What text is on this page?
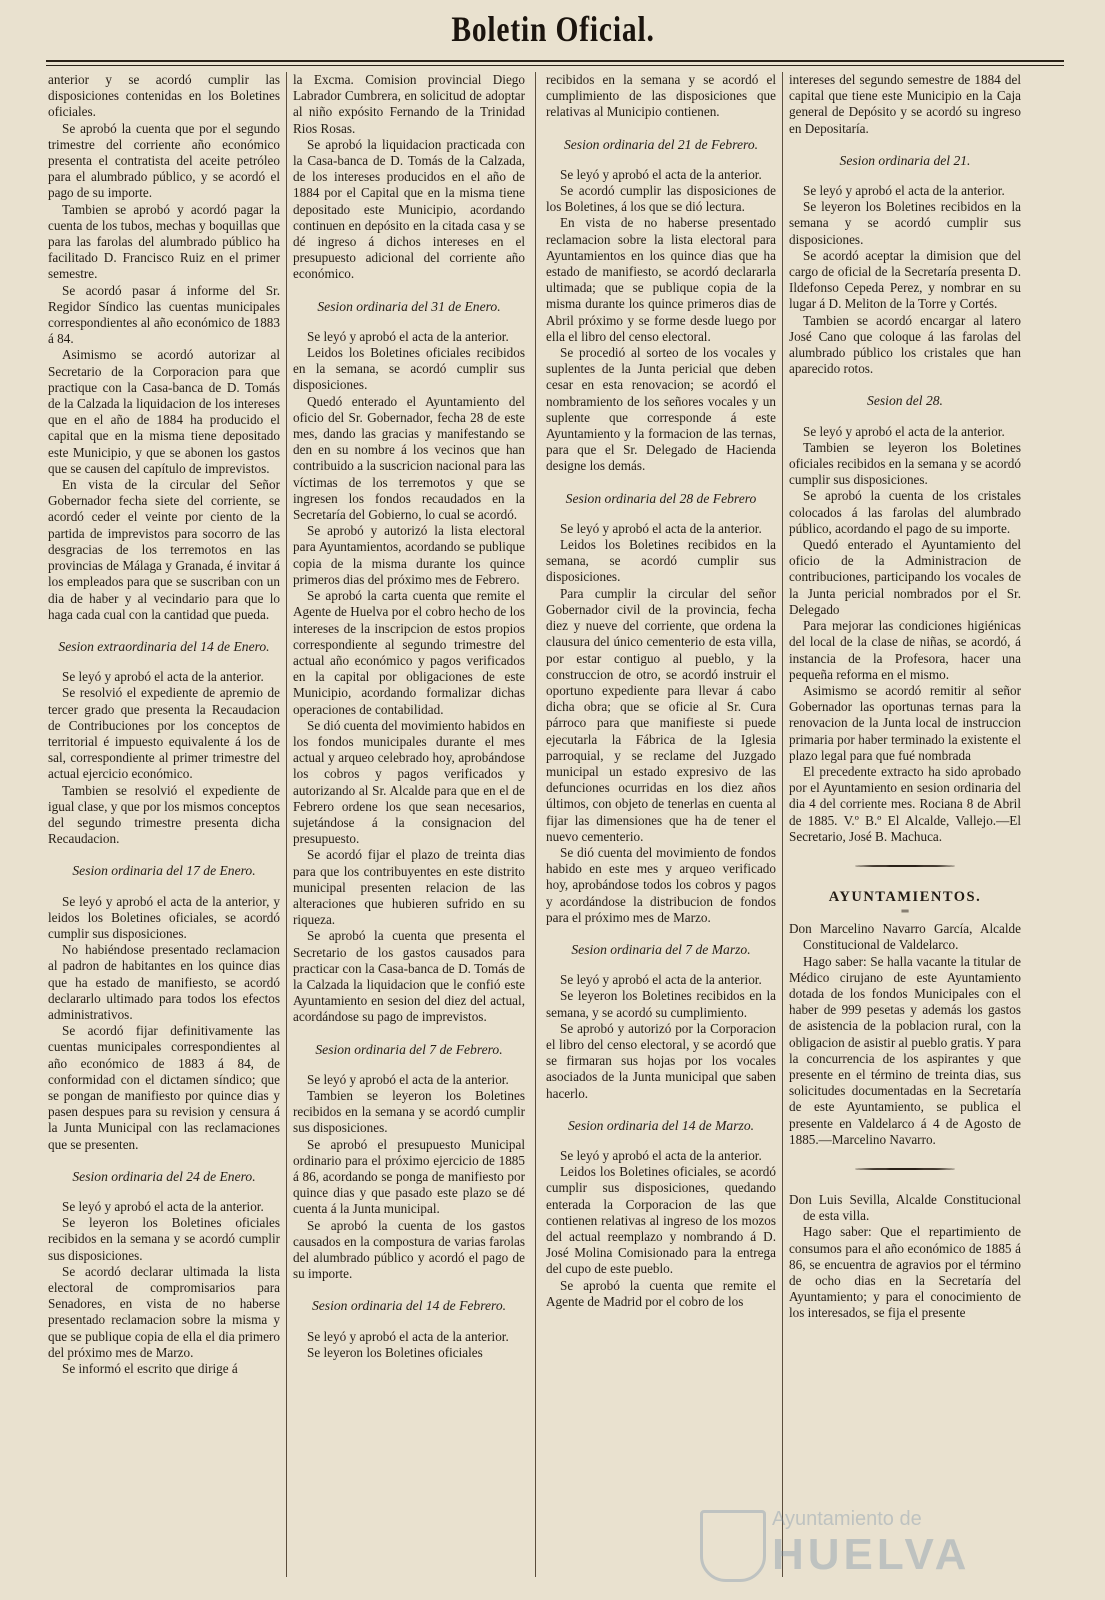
Boletin Oficial.

anterior y se acordó cumplir las disposiciones contenidas en los Boletines oficiales.

Se aprobó la cuenta que por el segundo trimestre del corriente año económico presenta el contratista del aceite petróleo para el alumbrado público, y se acordó el pago de su importe.

Tambien se aprobó y acordó pagar la cuenta de los tubos, mechas y boquillas que para las farolas del alumbrado público ha facilitado D. Francisco Ruiz en el primer semestre.

Se acordó pasar á informe del Sr. Regidor Síndico las cuentas municipales correspondientes al año económico de 1883 á 84.

Asimismo se acordó autorizar al Secretario de la Corporacion para que practique con la Casa-banca de D. Tomás de la Calzada la liquidacion de los intereses que en el año de 1884 ha producido el capital que en la misma tiene depositado este Municipio, y que se abonen los gastos que se causen del capítulo de imprevistos.

En vista de la circular del Señor Gobernador fecha siete del corriente, se acordó ceder el veinte por ciento de la partida de imprevistos para socorro de las desgracias de los terremotos en las provincias de Málaga y Granada, é invitar á los empleados para que se suscriban con un dia de haber y al vecindario para que lo haga cada cual con la cantidad que pueda.

Sesion extraordinaria del 14 de Enero.

Se leyó y aprobó el acta de la anterior.

Se resolvió el expediente de apremio de tercer grado que presenta la Recaudacion de Contribuciones por los conceptos de territorial é impuesto equivalente á los de sal, correspondiente al primer trimestre del actual ejercicio económico.

Tambien se resolvió el expediente de igual clase, y que por los mismos conceptos del segundo trimestre presenta dicha Recaudacion.

Sesion ordinaria del 17 de Enero.

Se leyó y aprobó el acta de la anterior, y leidos los Boletines oficiales, se acordó cumplir sus disposiciones.

No habiéndose presentado reclamacion al padron de habitantes en los quince dias que ha estado de manifiesto, se acordó declararlo ultimado para todos los efectos administrativos.

Se acordó fijar definitivamente las cuentas municipales correspondientes al año económico de 1883 á 84, de conformidad con el dictamen síndico; que se pongan de manifiesto por quince dias y pasen despues para su revision y censura á la Junta Municipal con las reclamaciones que se presenten.

Sesion ordinaria del 24 de Enero.

Se leyó y aprobó el acta de la anterior.

Se leyeron los Boletines oficiales recibidos en la semana y se acordó cumplir sus disposiciones.

Se acordó declarar ultimada la lista electoral de compromisarios para Senadores, en vista de no haberse presentado reclamacion sobre la misma y que se publique copia de ella el dia primero del próximo mes de Marzo.

Se informó el escrito que dirige á

la Excma. Comision provincial Diego Labrador Cumbrera, en solicitud de adoptar al niño expósito Fernando de la Trinidad Rios Rosas.

Se aprobó la liquidacion practicada con la Casa-banca de D. Tomás de la Calzada, de los intereses producidos en el año de 1884 por el Capital que en la misma tiene depositado este Municipio, acordando continuen en depósito en la citada casa y se dé ingreso á dichos intereses en el presupuesto adicional del corriente año económico.

Sesion ordinaria del 31 de Enero.

Se leyó y aprobó el acta de la anterior.

Leidos los Boletines oficiales recibidos en la semana, se acordó cumplir sus disposiciones.

Quedó enterado el Ayuntamiento del oficio del Sr. Gobernador, fecha 28 de este mes, dando las gracias y manifestando se den en su nombre á los vecinos que han contribuido a la suscricion nacional para las víctimas de los terremotos y que se ingresen los fondos recaudados en la Secretaría del Gobierno, lo cual se acordó.

Se aprobó y autorizó la lista electoral para Ayuntamientos, acordando se publique copia de la misma durante los quince primeros dias del próximo mes de Febrero.

Se aprobó la carta cuenta que remite el Agente de Huelva por el cobro hecho de los intereses de la inscripcion de estos propios correspondiente al segundo trimestre del actual año económico y pagos verificados en la capital por obligaciones de este Municipio, acordando formalizar dichas operaciones de contabilidad.

Se dió cuenta del movimiento habidos en los fondos municipales durante el mes actual y arqueo celebrado hoy, aprobándose los cobros y pagos verificados y autorizando al Sr. Alcalde para que en el de Febrero ordene los que sean necesarios, sujetándose á la consignacion del presupuesto.

Se acordó fijar el plazo de treinta dias para que los contribuyentes en este distrito municipal presenten relacion de las alteraciones que hubieren sufrido en su riqueza.

Se aprobó la cuenta que presenta el Secretario de los gastos causados para practicar con la Casa-banca de D. Tomás de la Calzada la liquidacion que le confió este Ayuntamiento en sesion del diez del actual, acordándose su pago de imprevistos.

Sesion ordinaria del 7 de Febrero.

Se leyó y aprobó el acta de la anterior.

Tambien se leyeron los Boletines recibidos en la semana y se acordó cumplir sus disposiciones.

Se aprobó el presupuesto Municipal ordinario para el próximo ejercicio de 1885 á 86, acordando se ponga de manifiesto por quince dias y que pasado este plazo se dé cuenta á la Junta municipal.

Se aprobó la cuenta de los gastos causados en la compostura de varias farolas del alumbrado público y acordó el pago de su importe.

Sesion ordinaria del 14 de Febrero.

Se leyó y aprobó el acta de la anterior.

Se leyeron los Boletines oficiales

recibidos en la semana y se acordó el cumplimiento de las disposiciones que relativas al Municipio contienen.

Sesion ordinaria del 21 de Febrero.

Se leyó y aprobó el acta de la anterior.

Se acordó cumplir las disposiciones de los Boletines, á los que se dió lectura.

En vista de no haberse presentado reclamacion sobre la lista electoral para Ayuntamientos en los quince dias que ha estado de manifiesto, se acordó declararla ultimada; que se publique copia de la misma durante los quince primeros dias de Abril próximo y se forme desde luego por ella el libro del censo electoral.

Se procedió al sorteo de los vocales y suplentes de la Junta pericial que deben cesar en esta renovacion; se acordó el nombramiento de los señores vocales y un suplente que corresponde á este Ayuntamiento y la formacion de las ternas, para que el Sr. Delegado de Hacienda designe los demás.

Sesion ordinaria del 28 de Febrero

Se leyó y aprobó el acta de la anterior.

Leidos los Boletines recibidos en la semana, se acordó cumplir sus disposiciones.

Para cumplir la circular del señor Gobernador civil de la provincia, fecha diez y nueve del corriente, que ordena la clausura del único cementerio de esta villa, por estar contiguo al pueblo, y la construccion de otro, se acordó instruir el oportuno expediente para llevar á cabo dicha obra; que se oficie al Sr. Cura párroco para que manifieste si puede ejecutarla la Fábrica de la Iglesia parroquial, y se reclame del Juzgado municipal un estado expresivo de las defunciones ocurridas en los diez años últimos, con objeto de tenerlas en cuenta al fijar las dimensiones que ha de tener el nuevo cementerio.

Se dió cuenta del movimiento de fondos habido en este mes y arqueo verificado hoy, aprobándose todos los cobros y pagos y acordándose la distribucion de fondos para el próximo mes de Marzo.

Sesion ordinaria del 7 de Marzo.

Se leyó y aprobó el acta de la anterior.

Se leyeron los Boletines recibidos en la semana, y se acordó su cumplimiento.

Se aprobó y autorizó por la Corporacion el libro del censo electoral, y se acordó que se firmaran sus hojas por los vocales asociados de la Junta municipal que saben hacerlo.

Sesion ordinaria del 14 de Marzo.

Se leyó y aprobó el acta de la anterior.

Leidos los Boletines oficiales, se acordó cumplir sus disposiciones, quedando enterada la Corporacion de las que contienen relativas al ingreso de los mozos del actual reemplazo y nombrando á D. José Molina Comisionado para la entrega del cupo de este pueblo.

Se aprobó la cuenta que remite el Agente de Madrid por el cobro de los

intereses del segundo semestre de 1884 del capital que tiene este Municipio en la Caja general de Depósito y se acordó su ingreso en Depositaría.

Sesion ordinaria del 21.

Se leyó y aprobó el acta de la anterior.

Se leyeron los Boletines recibidos en la semana y se acordó cumplir sus disposiciones.

Se acordó aceptar la dimision que del cargo de oficial de la Secretaría presenta D. Ildefonso Cepeda Perez, y nombrar en su lugar á D. Meliton de la Torre y Cortés.

Tambien se acordó encargar al latero José Cano que coloque á las farolas del alumbrado público los cristales que han aparecido rotos.

Sesion del 28.

Se leyó y aprobó el acta de la anterior.

Tambien se leyeron los Boletines oficiales recibidos en la semana y se acordó cumplir sus disposiciones.

Se aprobó la cuenta de los cristales colocados á las farolas del alumbrado público, acordando el pago de su importe.

Quedó enterado el Ayuntamiento del oficio de la Administracion de contribuciones, participando los vocales de la Junta pericial nombrados por el Sr. Delegado

Para mejorar las condiciones higiénicas del local de la clase de niñas, se acordó, á instancia de la Profesora, hacer una pequeña reforma en el mismo.

Asimismo se acordó remitir al señor Gobernador las oportunas ternas para la renovacion de la Junta local de instruccion primaria por haber terminado la existente el plazo legal para que fué nombrada

El precedente extracto ha sido aprobado por el Ayuntamiento en sesion ordinaria del dia 4 del corriente mes. Rociana 8 de Abril de 1885. V.º B.º El Alcalde, Vallejo.—El Secretario, José B. Machuca.

AYUNTAMIENTOS.
═

Don Marcelino Navarro García, Alcalde Constitucional de Valdelarco.

Hago saber: Se halla vacante la titular de Médico cirujano de este Ayuntamiento dotada de los fondos Municipales con el haber de 999 pesetas y además los gastos de asistencia de la poblacion rural, con la obligacion de asistir al pueblo gratis. Y para la concurrencia de los aspirantes y que presente en el término de treinta dias, sus solicitudes documentadas en la Secretaría de este Ayuntamiento, se publica el presente en Valdelarco á 4 de Agosto de 1885.—Marcelino Navarro.

Don Luis Sevilla, Alcalde Constitucional de esta villa.

Hago saber: Que el repartimiento de consumos para el año económico de 1885 á 86, se encuentra de agravios por el término de ocho dias en la Secretaría del Ayuntamiento; y para el conocimiento de los interesados, se fija el presente

Ayuntamiento de
HUELVA
